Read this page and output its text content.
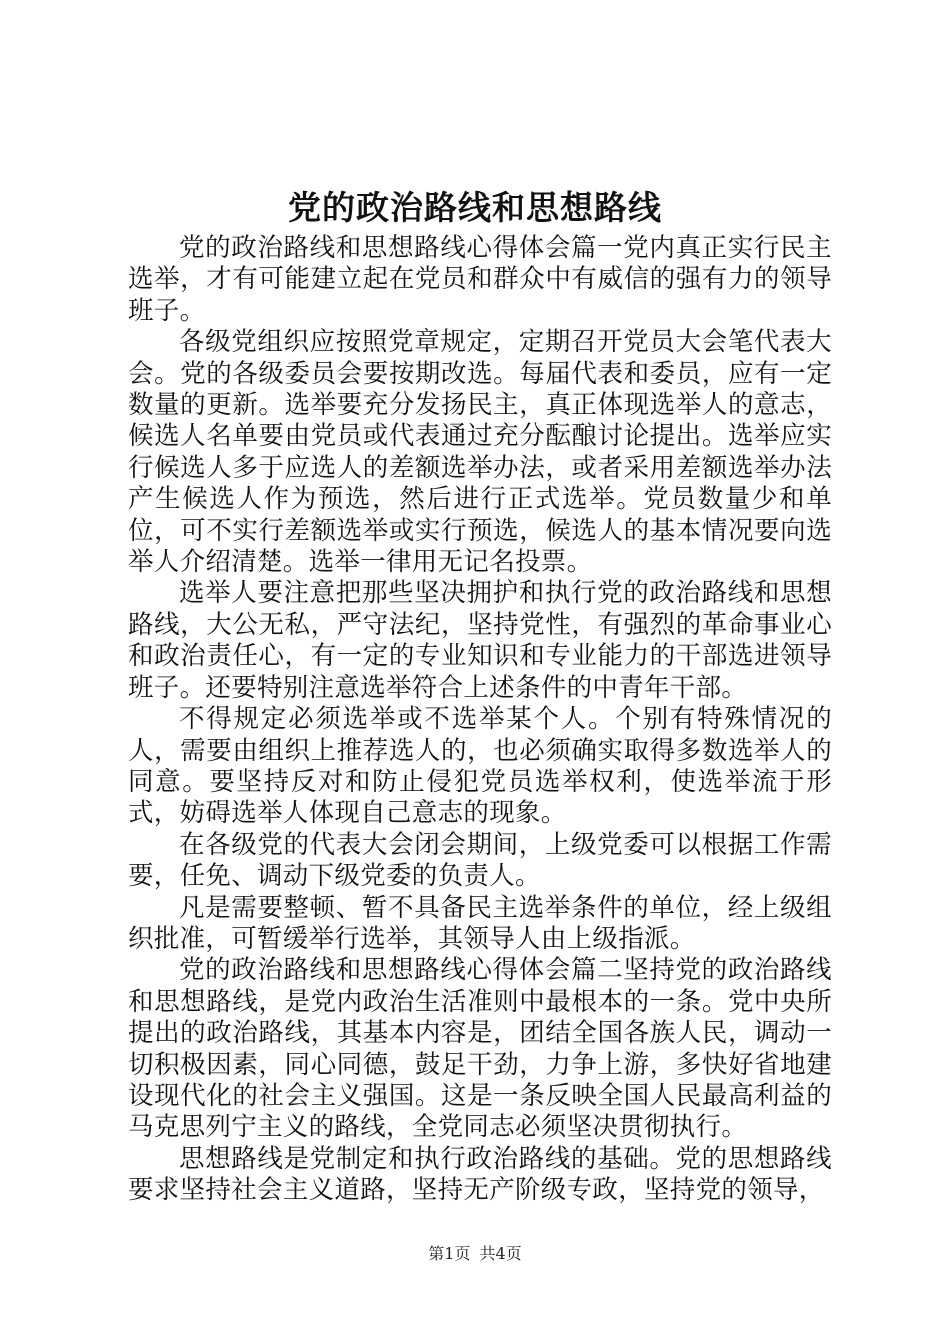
党的政治路线和思想路线

党的政治路线和思想路线心得体会篇一党内真正实行民主选举，才有可能建立起在党员和群众中有威信的强有力的领导班子。

各级党组织应按照党章规定，定期召开党员大会笔代表大会。党的各级委员会要按期改选。每届代表和委员，应有一定数量的更新。选举要充分发扬民主，真正体现选举人的意志，候选人名单要由党员或代表通过充分酝酿讨论提出。选举应实行候选人多于应选人的差额选举办法，或者采用差额选举办法产生候选人作为预选，然后进行正式选举。党员数量少和单位，可不实行差额选举或实行预选，候选人的基本情况要向选举人介绍清楚。选举一律用无记名投票。

选举人要注意把那些坚决拥护和执行党的政治路线和思想路线，大公无私，严守法纪，坚持党性，有强烈的革命事业心和政治责任心，有一定的专业知识和专业能力的干部选进领导班子。还要特别注意选举符合上述条件的中青年干部。

不得规定必须选举或不选举某个人。个别有特殊情况的人，需要由组织上推荐选人的，也必须确实取得多数选举人的同意。要坚持反对和防止侵犯党员选举权利，使选举流于形式，妨碍选举人体现自己意志的现象。

在各级党的代表大会闭会期间，上级党委可以根据工作需要，任免、调动下级党委的负责人。

凡是需要整顿、暂不具备民主选举条件的单位，经上级组织批准，可暂缓举行选举，其领导人由上级指派。

党的政治路线和思想路线心得体会篇二坚持党的政治路线和思想路线，是党内政治生活准则中最根本的一条。党中央所提出的政治路线，其基本内容是，团结全国各族人民，调动一切积极因素，同心同德，鼓足干劲，力争上游，多快好省地建设现代化的社会主义强国。这是一条反映全国人民最高利益的马克思列宁主义的路线，全党同志必须坚决贯彻执行。

思想路线是党制定和执行政治路线的基础。党的思想路线要求坚持社会主义道路，坚持无产阶级专政，坚持党的领导，

第1页 共4页
